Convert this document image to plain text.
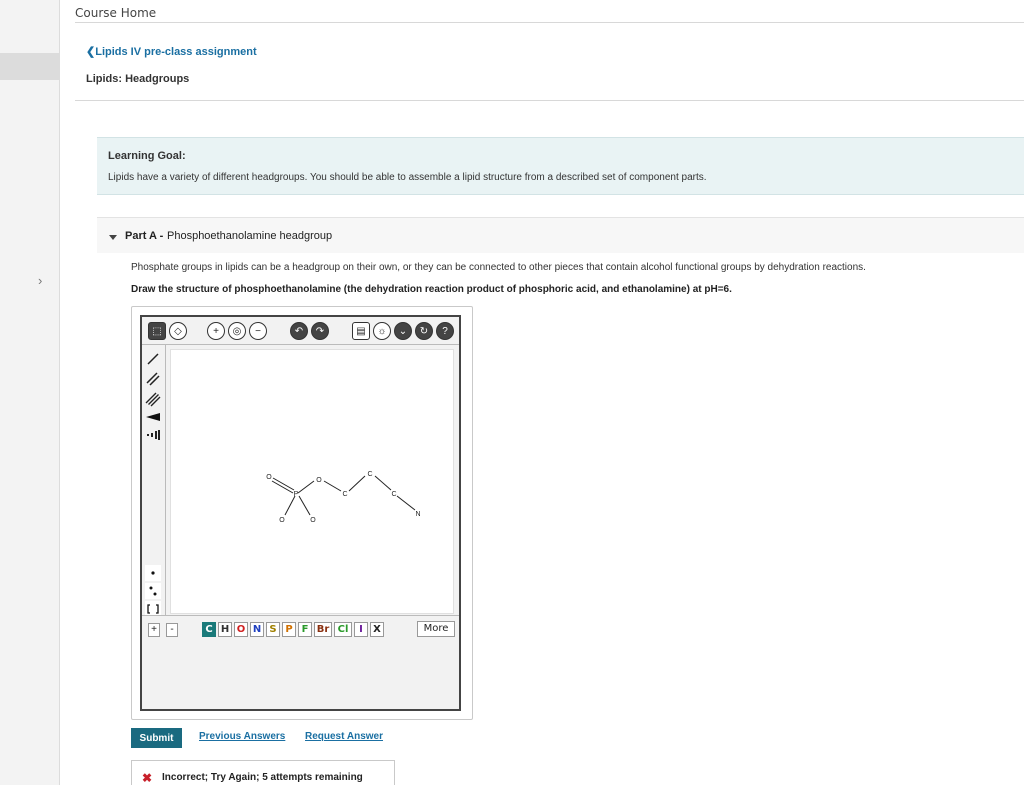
›
Course Home
❮Lipids IV pre-class assignment
Lipids: Headgroups
Learning Goal:
Lipids have a variety of different headgroups. You should be able to assemble a lipid structure from a described set of component parts.
Part A - Phosphoethanolamine headgroup
Phosphate groups in lipids can be a headgroup on their own, or they can be connected to other pieces that contain alcohol functional groups by dehydration reactions.
Draw the structure of phosphoethanolamine (the dehydration reaction product of phosphoric acid, and ethanolamine) at pH=6.
⬚	◇	+	◎	−	↶	↷	▤	☼	⌄	↻	?
O
P
O	O
O
C
C
C
N
+	-	C H O N S P F Br Cl	I	X	More
Submit	Previous Answers Request Answer
✖ Incorrect; Try Again; 5 attempts remaining
